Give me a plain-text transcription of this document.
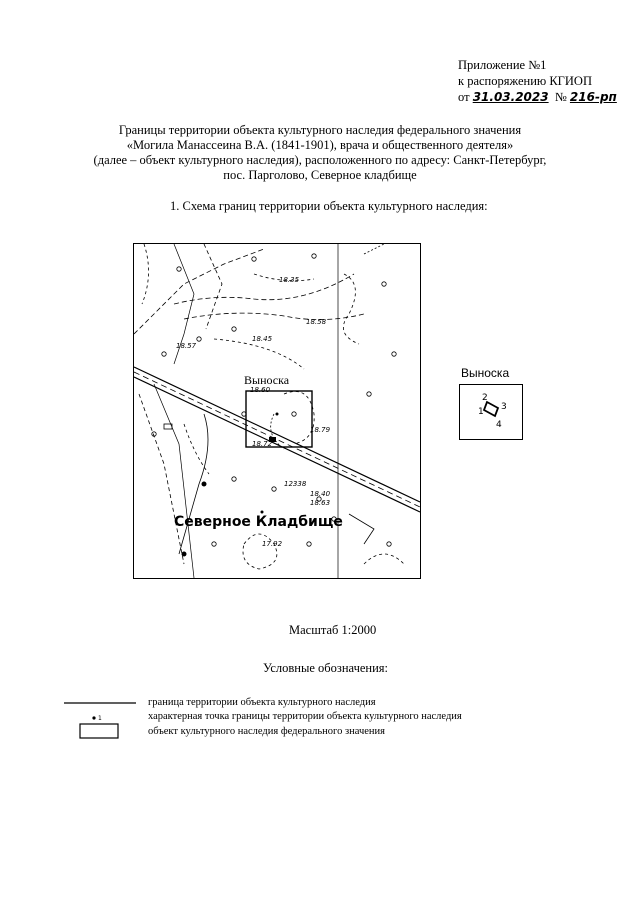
Приложение №1
к распоряжению КГИОП
от 31.03.2023 № 216-рп
Границы территории объекта культурного наследия федерального значения
«Могила Манассеина В.А. (1841-1901), врача и общественного деятеля»
(далее – объект культурного наследия), расположенного по адресу: Санкт-Петербург,
пос. Парголово, Северное кладбище
1. Схема границ территории объекта культурного наследия:
18.35
18.58
18.45
18.57
18.60
18.79
18.72
12338
18.40
18.63
17.92
Выноска
Северное Кладбище
Выноска
1
2
3
4
Масштаб 1:2000
Условные обозначения:
1
граница территории объекта культурного наследия
характерная точка границы территории объекта культурного наследия
объект культурного наследия федерального значения
